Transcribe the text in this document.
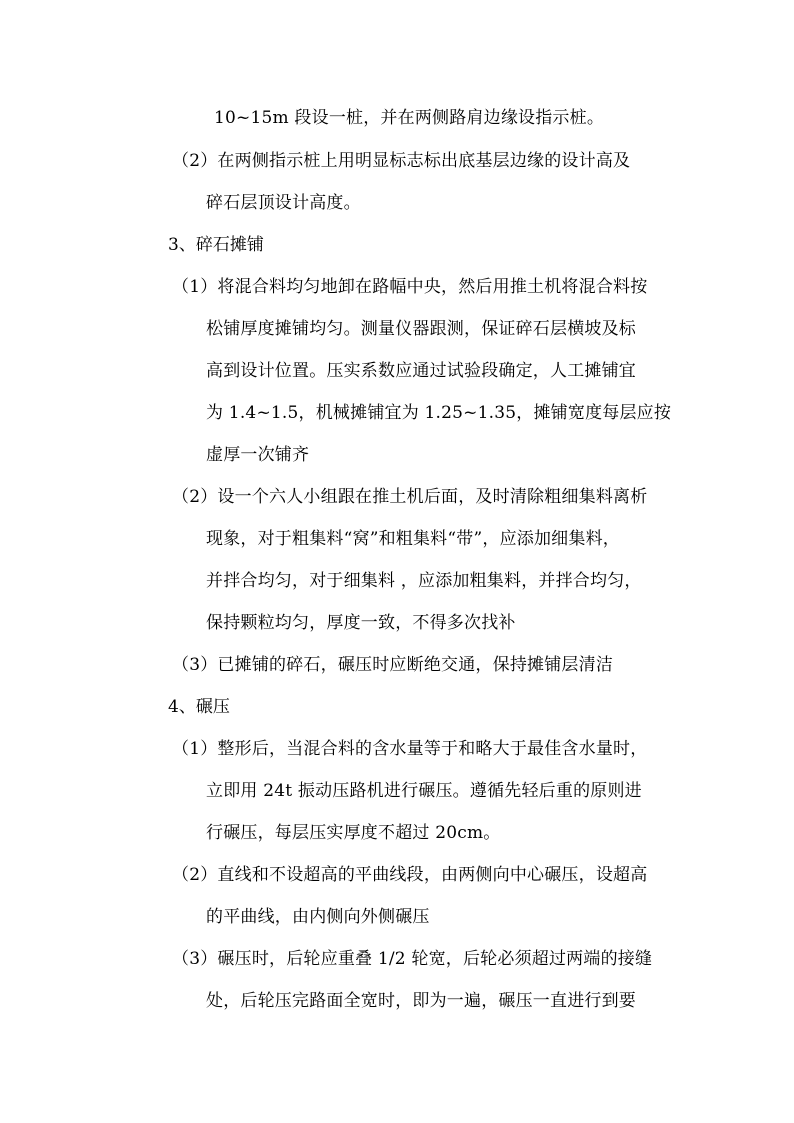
10~15m 段设一桩，并在两侧路肩边缘设指示桩。
（2）在两侧指示桩上用明显标志标出底基层边缘的设计高及
碎石层顶设计高度。
3、碎石摊铺
（1）将混合料均匀地卸在路幅中央，然后用推土机将混合料按
松铺厚度摊铺均匀。测量仪器跟测，保证碎石层横坡及标
高到设计位置。压实系数应通过试验段确定，人工摊铺宜
为 1.4~1.5，机械摊铺宜为 1.25~1.35，摊铺宽度每层应按
虚厚一次铺齐
（2）设一个六人小组跟在推土机后面，及时清除粗细集料离析
现象，对于粗集料“窝”和粗集料“带”，应添加细集料，
并拌合均匀，对于细集料 ，应添加粗集料，并拌合均匀，
保持颗粒均匀，厚度一致，不得多次找补
（3）已摊铺的碎石，碾压时应断绝交通，保持摊铺层清洁
4、碾压
（1）整形后，当混合料的含水量等于和略大于最佳含水量时，
立即用 24t 振动压路机进行碾压。遵循先轻后重的原则进
行碾压，每层压实厚度不超过 20cm。
（2）直线和不设超高的平曲线段，由两侧向中心碾压，设超高
的平曲线，由内侧向外侧碾压
（3）碾压时，后轮应重叠 1/2 轮宽，后轮必须超过两端的接缝
处，后轮压完路面全宽时，即为一遍，碾压一直进行到要
